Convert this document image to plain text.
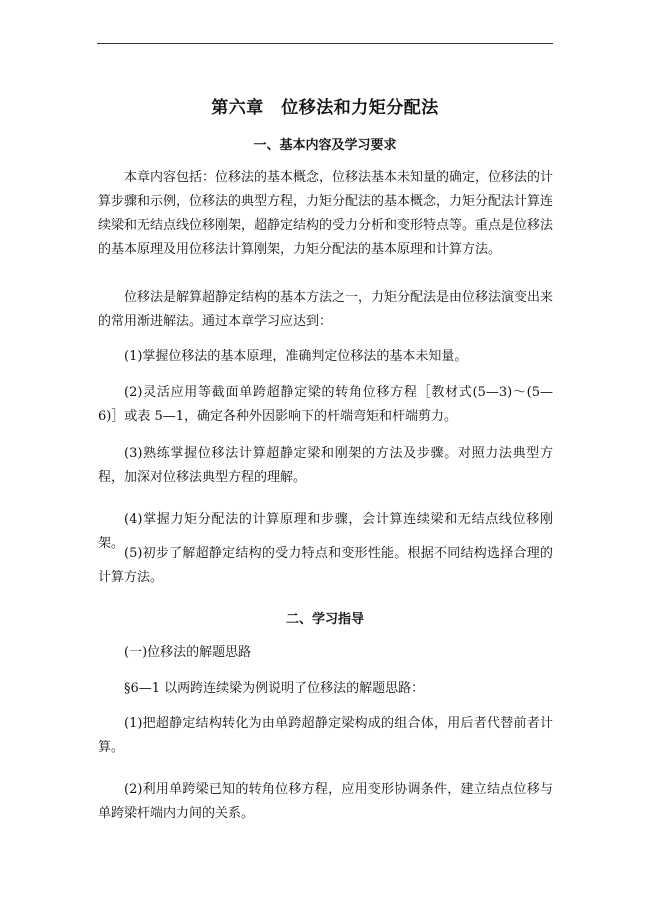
第六章　位移法和力矩分配法
一、基本内容及学习要求
本章内容包括：位移法的基本概念，位移法基本未知量的确定，位移法的计算步骤和示例，位移法的典型方程，力矩分配法的基本概念，力矩分配法计算连续梁和无结点线位移刚架，超静定结构的受力分析和变形特点等。重点是位移法的基本原理及用位移法计算刚架，力矩分配法的基本原理和计算方法。
位移法是解算超静定结构的基本方法之一，力矩分配法是由位移法演变出来的常用渐进解法。通过本章学习应达到：
(1)掌握位移法的基本原理，准确判定位移法的基本未知量。
(2)灵活应用等截面单跨超静定梁的转角位移方程［教材式(5—3)～(5—6)］或表 5—1，确定各种外因影响下的杆端弯矩和杆端剪力。
(3)熟练掌握位移法计算超静定梁和刚架的方法及步骤。对照力法典型方程，加深对位移法典型方程的理解。
(4)掌握力矩分配法的计算原理和步骤，会计算连续梁和无结点线位移刚架。
(5)初步了解超静定结构的受力特点和变形性能。根据不同结构选择合理的计算方法。
二、学习指导
(一)位移法的解题思路
§6—1 以两跨连续梁为例说明了位移法的解题思路：
(1)把超静定结构转化为由单跨超静定梁构成的组合体，用后者代替前者计算。
(2)利用单跨梁已知的转角位移方程，应用变形协调条件，建立结点位移与单跨梁杆端内力间的关系。
